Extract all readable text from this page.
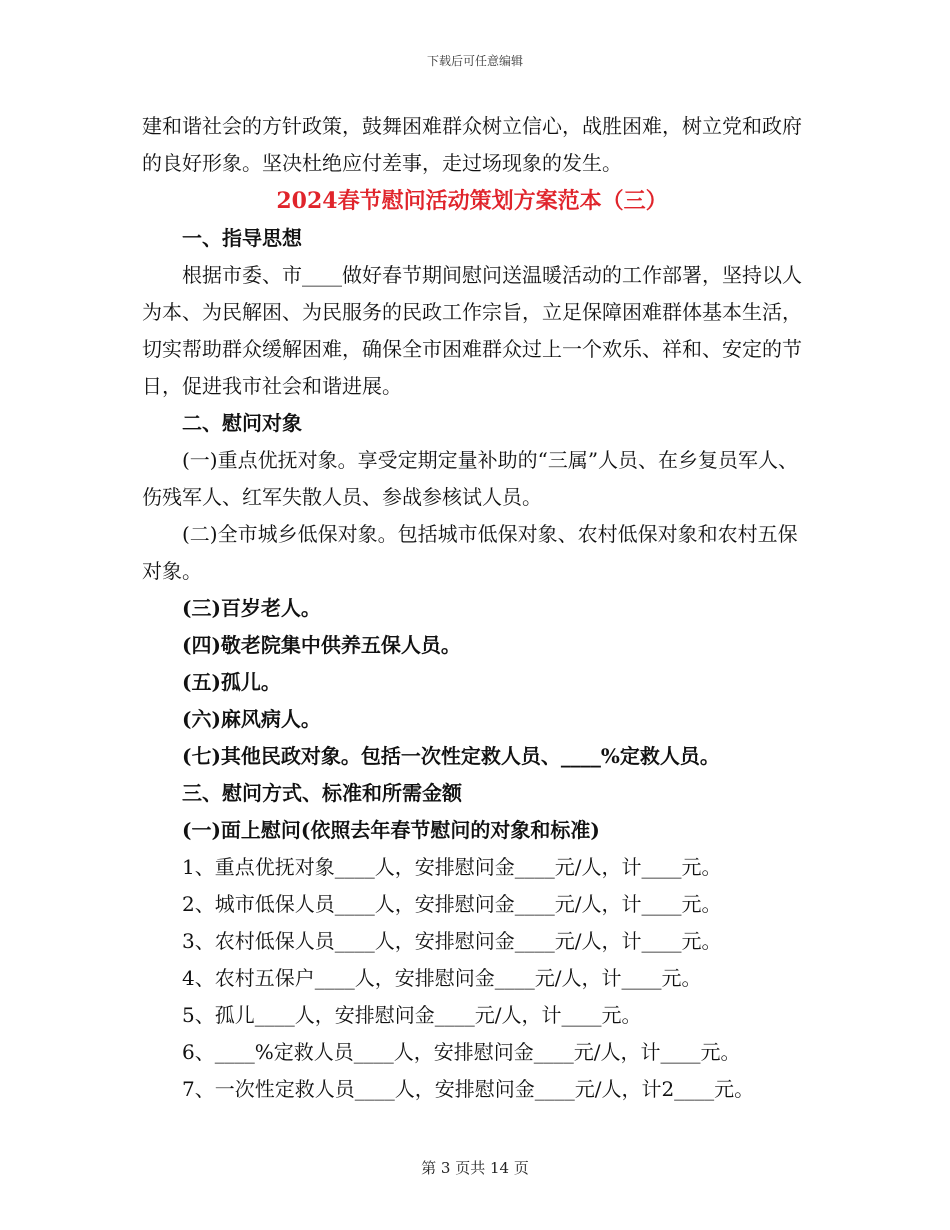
下载后可任意编辑

建和谐社会的方针政策，鼓舞困难群众树立信心，战胜困难，树立党和政府的良好形象。坚决杜绝应付差事，走过场现象的发生。

2024春节慰问活动策划方案范本（三）

一、指导思想

根据市委、市____做好春节期间慰问送温暖活动的工作部署，坚持以人为本、为民解困、为民服务的民政工作宗旨，立足保障困难群体基本生活，切实帮助群众缓解困难，确保全市困难群众过上一个欢乐、祥和、安定的节日，促进我市社会和谐进展。

二、慰问对象

(一)重点优抚对象。享受定期定量补助的“三属”人员、在乡复员军人、伤残军人、红军失散人员、参战参核试人员。

(二)全市城乡低保对象。包括城市低保对象、农村低保对象和农村五保对象。

(三)百岁老人。

(四)敬老院集中供养五保人员。

(五)孤儿。

(六)麻风病人。

(七)其他民政对象。包括一次性定救人员、____%定救人员。

三、慰问方式、标准和所需金额

(一)面上慰问(依照去年春节慰问的对象和标准)

1、重点优抚对象____人，安排慰问金____元/人，计____元。

2、城市低保人员____人，安排慰问金____元/人，计____元。

3、农村低保人员____人，安排慰问金____元/人，计____元。

4、农村五保户____人，安排慰问金____元/人，计____元。

5、孤儿____人，安排慰问金____元/人，计____元。

6、____%定救人员____人，安排慰问金____元/人，计____元。

7、一次性定救人员____人，安排慰问金____元/人，计2____元。

第 3 页共 14 页
